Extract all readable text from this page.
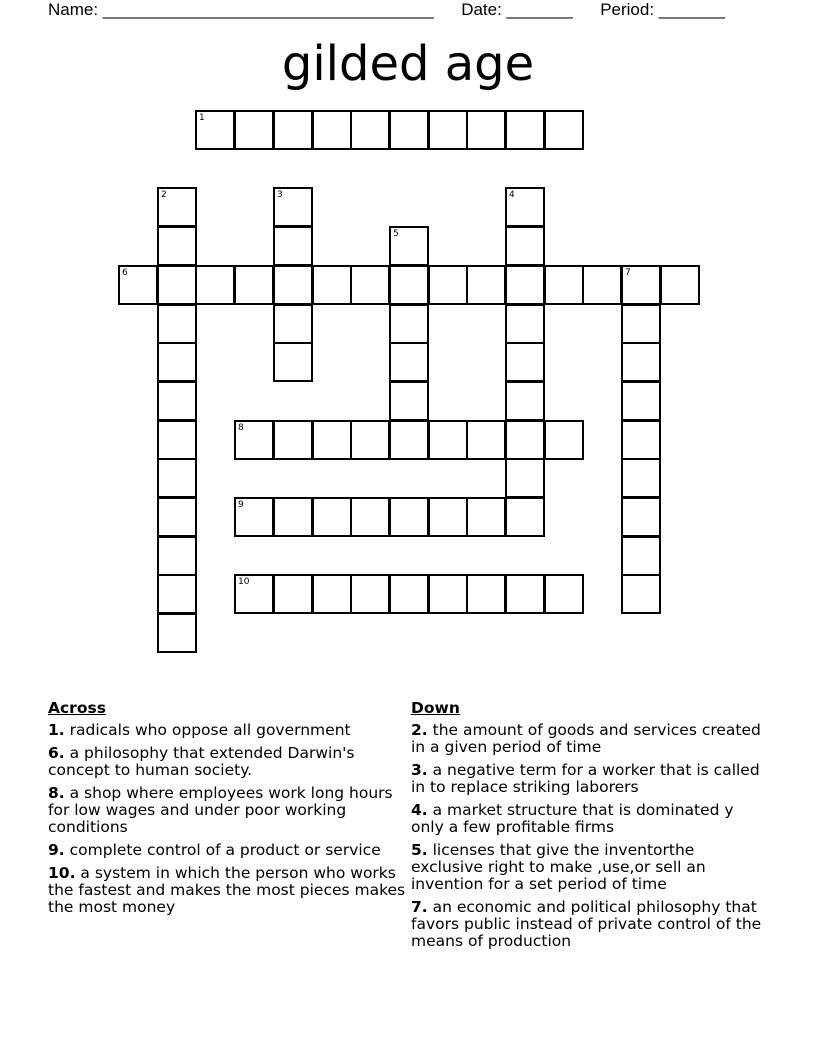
Name: ___________________________________ Date: _______ Period: _______
gilded age
1
2	3	4
5
6	7
8
9
10
Across
1. radicals who oppose all government
6. a philosophy that extended Darwin's concept to human society.
8. a shop where employees work long hours for low wages and under poor working conditions
9. complete control of a product or service
10. a system in which the person who works the fastest and makes the most pieces makes the most money
Down
2. the amount of goods and services created in a given period of time
3. a negative term for a worker that is called in to replace striking laborers
4. a market structure that is dominated y only a few profitable firms
5. licenses that give the inventorthe exclusive right to make ,use,or sell an invention for a set period of time
7. an economic and political philosophy that favors public instead of private control of the means of production
